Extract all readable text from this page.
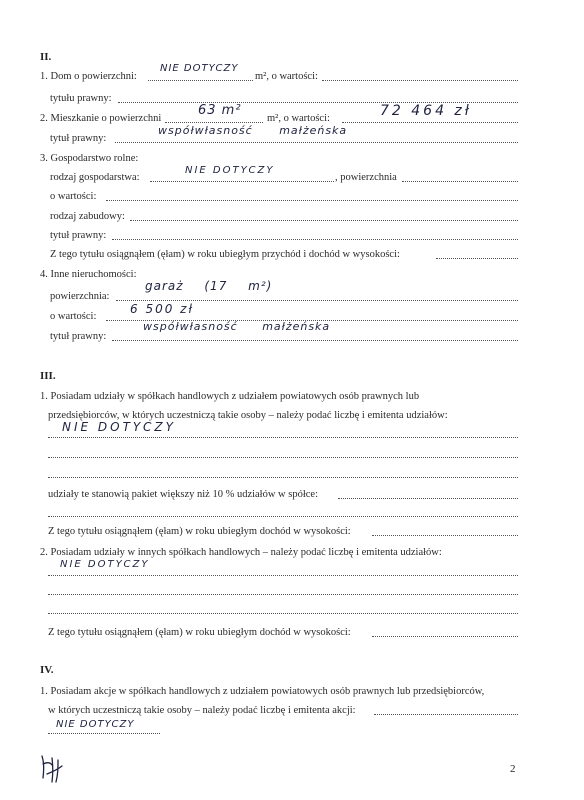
II.
1. Dom o powierzchni:
NIE DOTYCZY
m², o wartości:
tytułu prawny:
2. Mieszkanie o powierzchni
63 m²
m², o wartości:	72 464 zł
tytuł prawny:
współwłasność małżeńska
3. Gospodarstwo rolne:
rodzaj gospodarstwa:
NIE DOTYCZY
, powierzchnia
o wartości:
rodzaj zabudowy:
tytuł prawny:
Z tego tytułu osiągnąłem (ęłam) w roku ubiegłym przychód i dochód w wysokości:
4. Inne nieruchomości:
powierzchnia:
garaż (17 m²)
o wartości:
6 500 zł
tytuł prawny:
współwłasność małżeńska
III.
1. Posiadam udziały w spółkach handlowych z udziałem powiatowych osób prawnych lub
przedsiębiorców, w których uczestniczą takie osoby – należy podać liczbę i emitenta udziałów:
NIE DOTYCZY
udziały te stanowią pakiet większy niż 10 % udziałów w spółce:
Z tego tytułu osiągnąłem (ęłam) w roku ubiegłym dochód w wysokości:
2. Posiadam udziały w innych spółkach handlowych – należy podać liczbę i emitenta udziałów:
NIE DOTYCZY
Z tego tytułu osiągnąłem (ęłam) w roku ubiegłym dochód w wysokości:
IV.
1. Posiadam akcje w spółkach handlowych z udziałem powiatowych osób prawnych lub przedsiębiorców,
w których uczestniczą takie osoby – należy podać liczbę i emitenta akcji:
NIE DOTYCZY
2
